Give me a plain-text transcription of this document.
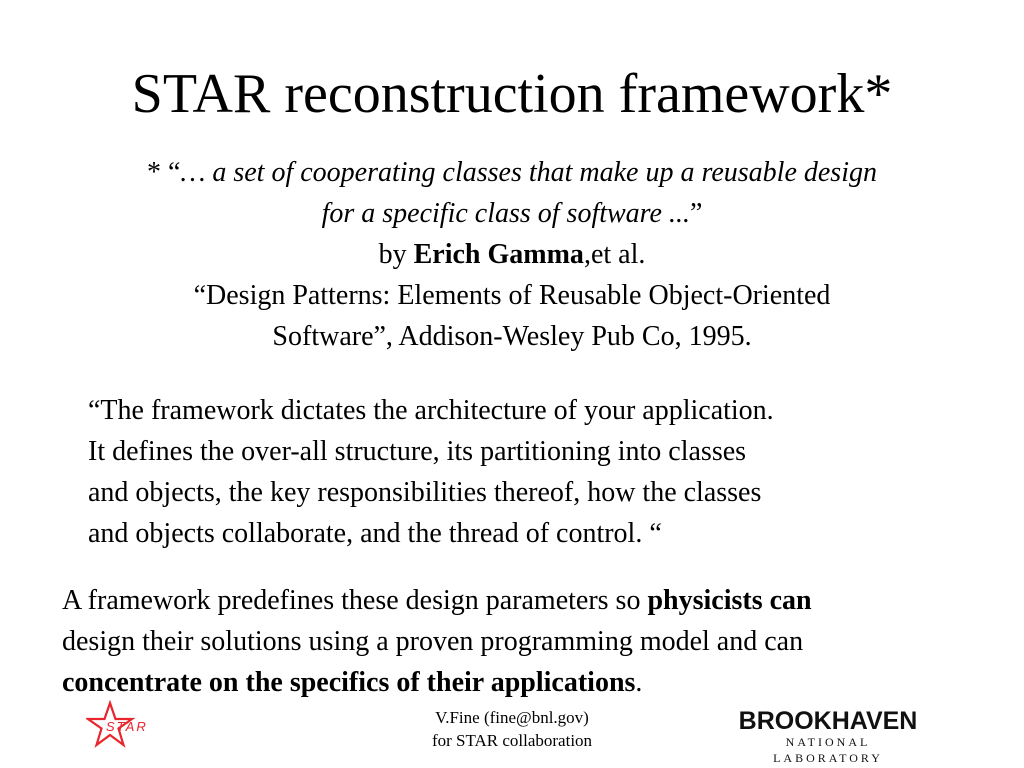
STAR reconstruction framework*
* “… a set of cooperating classes that make up a reusable design
for a specific class of software ...”
by Erich Gamma,et al.
“Design Patterns: Elements of Reusable Object-Oriented
Software”, Addison-Wesley Pub Co, 1995.
“The framework dictates the architecture of your application.
It defines the over-all structure, its partitioning into classes
and objects, the key responsibilities thereof, how the classes
and objects collaborate, and the thread of control. “
A framework predefines these design parameters so physicists can
design their solutions using a proven programming model and can
concentrate on the specifics of their applications.
STAR	V.Fine (fine@bnl.gov)
for STAR collaboration
BROOKHAVEN
NATIONAL LABORATORY
